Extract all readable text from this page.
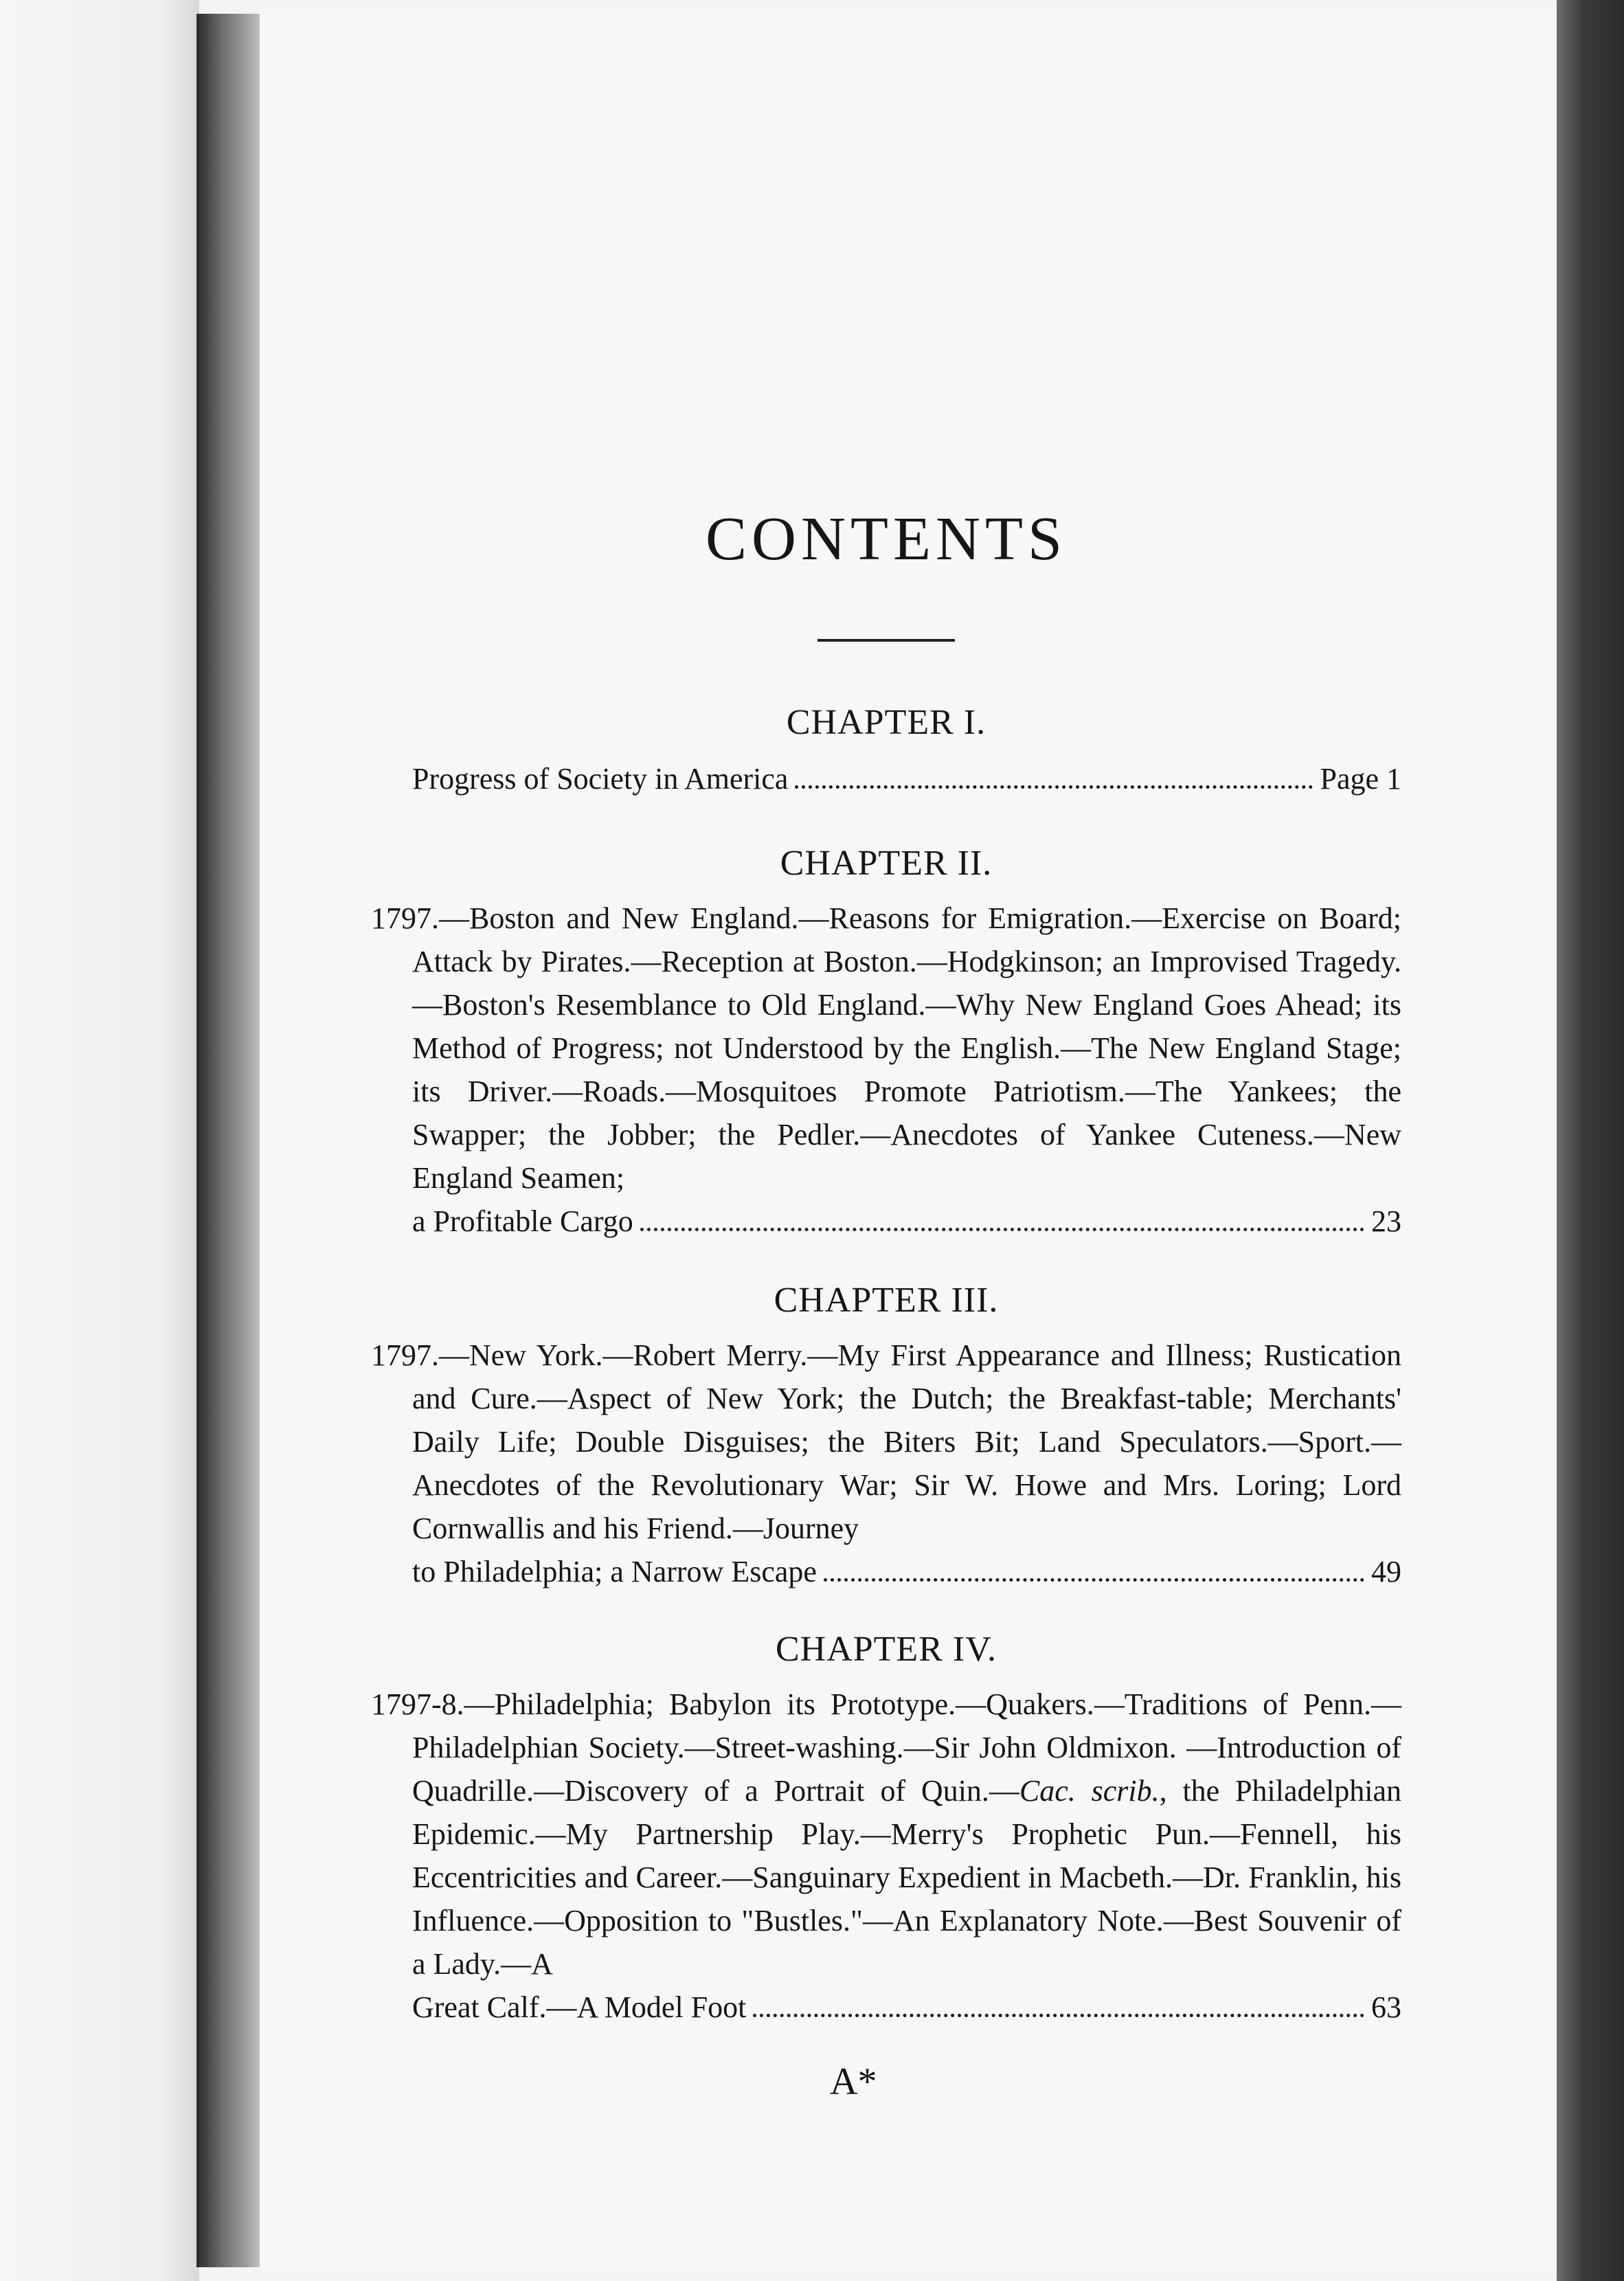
CONTENTS
CHAPTER I.
Progress of Society in America	Page 1
CHAPTER II.
1797.—Boston and New England.—Reasons for Emigration.—Exercise on Board; Attack by Pirates.—Reception at Boston.—Hodgkinson; an Improvised Tragedy.—Boston's Resemblance to Old England.—Why New England Goes Ahead; its Method of Progress; not Understood by the English.—The New England Stage; its Driver.—Roads.—Mosquitoes Promote Patriotism.—The Yankees; the Swapper; the Jobber; the Pedler.—Anecdotes of Yankee Cuteness.—New England Seamen;
a Profitable Cargo	23
CHAPTER III.
1797.—New York.—Robert Merry.—My First Appearance and Illness; Rustication and Cure.—Aspect of New York; the Dutch; the Breakfast-table; Merchants' Daily Life; Double Disguises; the Biters Bit; Land Speculators.—Sport.—Anecdotes of the Revolutionary War; Sir W. Howe and Mrs. Loring; Lord Cornwallis and his Friend.—Journey
to Philadelphia; a Narrow Escape	49
CHAPTER IV.
1797-8.—Philadelphia; Babylon its Prototype.—Quakers.—Traditions of Penn.—Philadelphian Society.—Street-washing.—Sir John Oldmixon. —Introduction of Quadrille.—Discovery of a Portrait of Quin.—Cac. scrib., the Philadelphian Epidemic.—My Partnership Play.—Merry's Prophetic Pun.—Fennell, his Eccentricities and Career.—Sanguinary Expedient in Macbeth.—Dr. Franklin, his Influence.—Opposition to "Bustles."—An Explanatory Note.—Best Souvenir of a Lady.—A
Great Calf.—A Model Foot	63
A*
